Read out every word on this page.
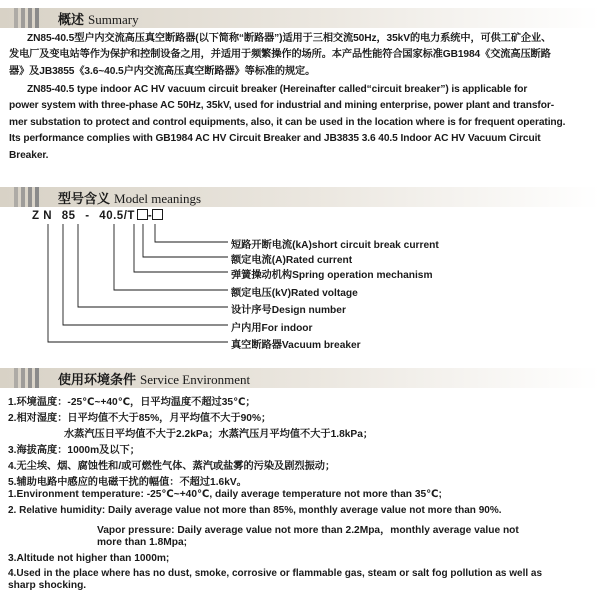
概述 Summary
ZN85-40.5型户内交流高压真空断路器(以下简称“断路器”)适用于三相交流50Hz，35kV的电力系统中，可供工矿企业、
发电厂及变电站等作为保护和控制设备之用，并适用于频繁操作的场所。本产品性能符合国家标准GB1984《交流高压断路
器》及JB3855《3.6~40.5户内交流高压真空断路器》等标准的规定。
ZN85-40.5 type indoor AC HV vacuum circuit breaker (Hereinafter called“circuit breaker”) is applicable for
power system with three-phase AC 50Hz, 35kV, used for industrial and mining enterprise, power plant and transfor-
mer substation to protect and control equipments, also, it can be used in the location where is for frequent operating.
Its performance complies with GB1984 AC HV Circuit Breaker and JB3835 3.6 40.5 Indoor AC HV Vacuum Circuit
Breaker.
型号含义 Model meanings
Z N 85 - 40.5/T -
短路开断电流(kA)short circuit break current
额定电流(A)Rated current
弹簧操动机构Spring operation mechanism
额定电压(kV)Rated voltage
设计序号Design number
户内用For indoor
真空断路器Vacuum breaker
使用环境条件 Service Environment
1.环境温度：-25℃~+40℃，日平均温度不超过35℃；
2.相对湿度：日平均值不大于85%，月平均值不大于90%；
水蒸汽压日平均值不大于2.2kPa；水蒸汽压月平均值不大于1.8kPa；
3.海拔高度：1000m及以下；
4.无尘埃、烟、腐蚀性和/或可燃性气体、蒸汽或盐雾的污染及剧烈振动；
5.辅助电路中感应的电磁干扰的幅值：不超过1.6kV。
1.Environment temperature: -25℃~+40℃, daily average temperature not more than 35℃;
2. Relative humidity: Daily average value not more than 85%, monthly average value not more than 90%.
Vapor pressure: Daily average value not more than 2.2Mpa，monthly average value not
more than 1.8Mpa;
3.Altitude not higher than 1000m;
4.Used in the place where has no dust, smoke, corrosive or flammable gas, steam or salt fog pollution as well as
sharp shocking.
